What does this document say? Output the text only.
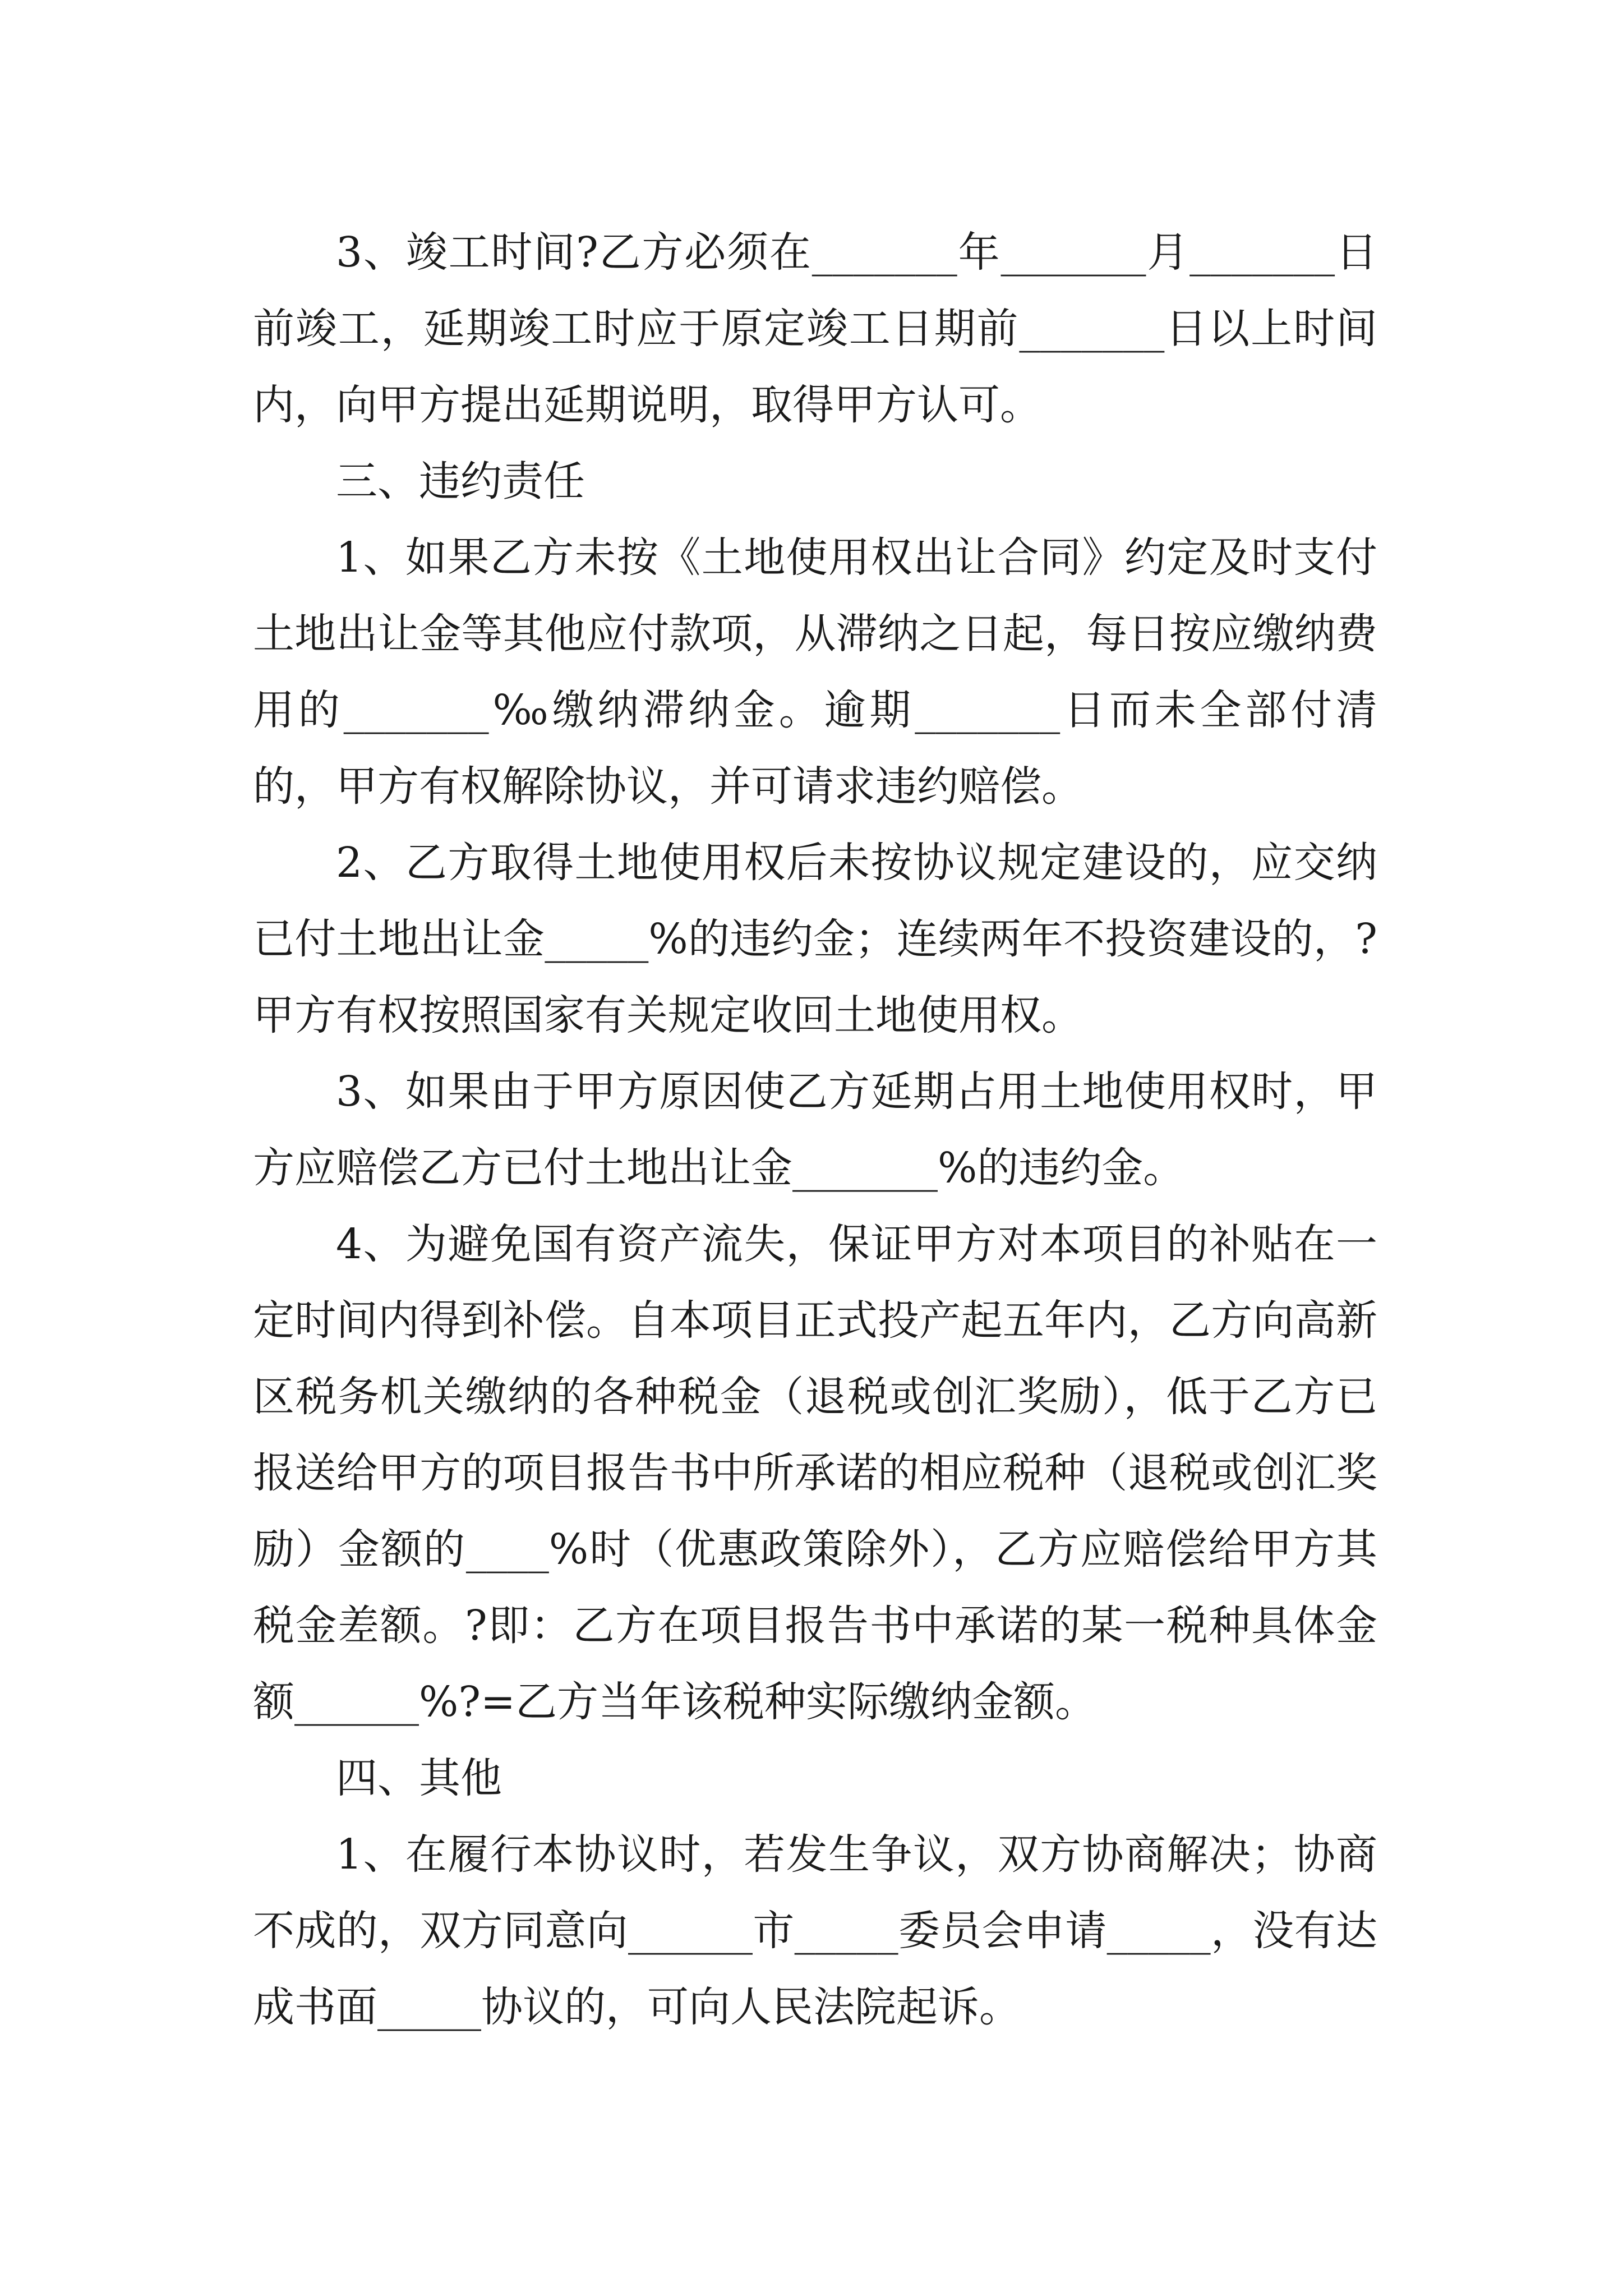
3、竣工时间?乙方必须在_______年_______月_______日前竣工，延期竣工时应于原定竣工日期前_______日以上时间内，向甲方提出延期说明，取得甲方认可。

三、违约责任

1、如果乙方未按《土地使用权出让合同》约定及时支付土地出让金等其他应付款项，从滞纳之日起，每日按应缴纳费用的_______‰缴纳滞纳金。逾期_______日而未全部付清的，甲方有权解除协议，并可请求违约赔偿。

2、乙方取得土地使用权后未按协议规定建设的，应交纳已付土地出让金_____%的违约金；连续两年不投资建设的，?甲方有权按照国家有关规定收回土地使用权。

3、如果由于甲方原因使乙方延期占用土地使用权时，甲方应赔偿乙方已付土地出让金_______%的违约金。

4、为避免国有资产流失，保证甲方对本项目的补贴在一定时间内得到补偿。自本项目正式投产起五年内，乙方向高新区税务机关缴纳的各种税金（退税或创汇奖励），低于乙方已报送给甲方的项目报告书中所承诺的相应税种（退税或创汇奖励）金额的____%时（优惠政策除外），乙方应赔偿给甲方其税金差额。?即：乙方在项目报告书中承诺的某一税种具体金额______%?=乙方当年该税种实际缴纳金额。

四、其他

1、在履行本协议时，若发生争议，双方协商解决；协商不成的，双方同意向______市_____委员会申请_____，没有达成书面_____协议的，可向人民法院起诉。
